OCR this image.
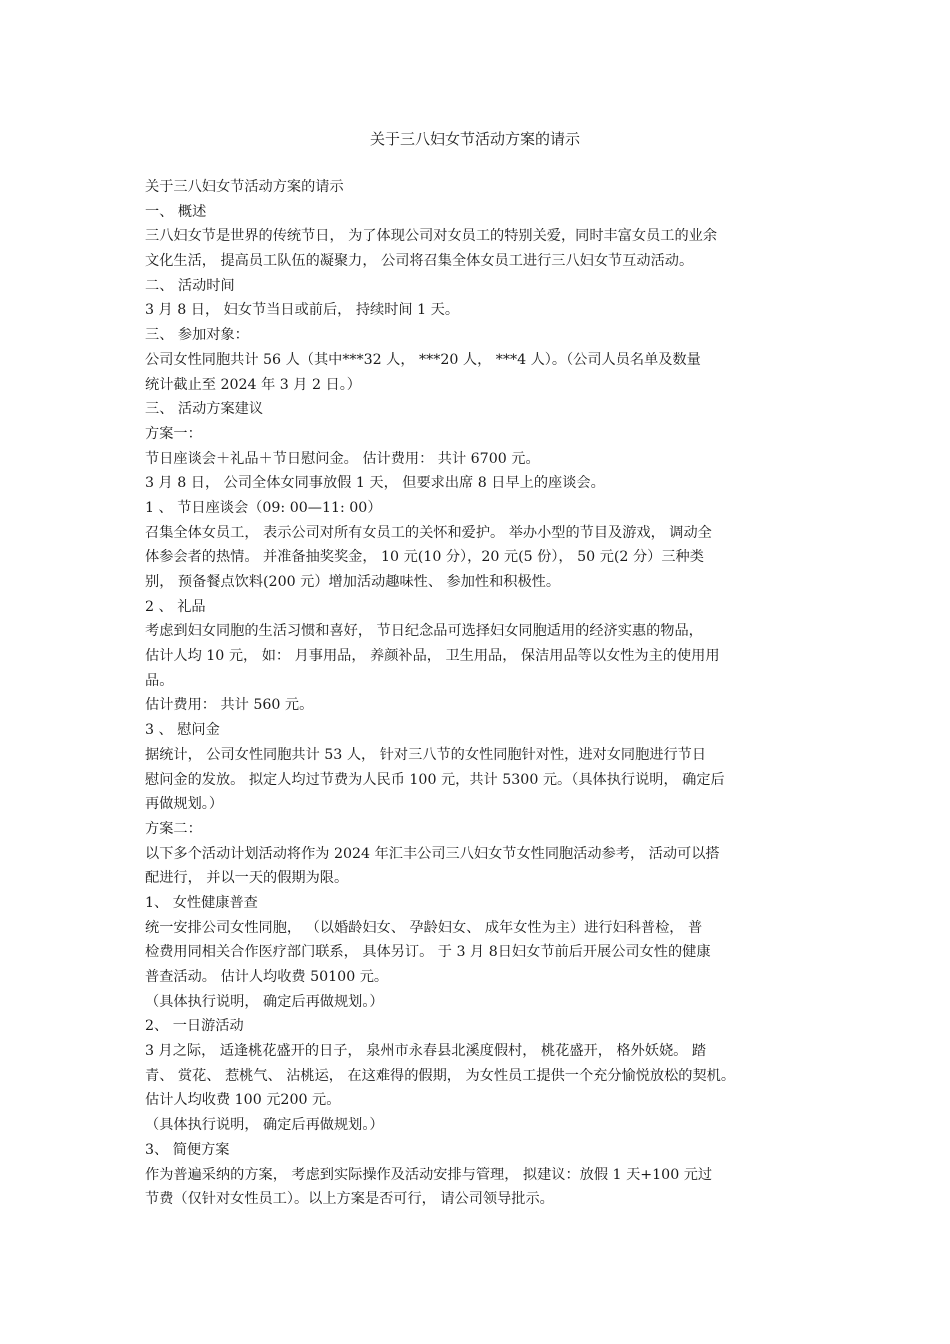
关于三八妇女节活动方案的请示
关于三八妇女节活动方案的请示
一、 概述
三八妇女节是世界的传统节日， 为了体现公司对女员工的特别关爱，同时丰富女员工的业余
文化生活， 提高员工队伍的凝聚力， 公司将召集全体女员工进行三八妇女节互动活动。
二、 活动时间
3 月 8 日， 妇女节当日或前后， 持续时间 1 天。
三、 参加对象：
公司女性同胞共计 56 人（其中***32 人， ***20 人， ***4 人）。（公司人员名单及数量
统计截止至 2024 年 3 月 2 日。）
三、 活动方案建议
方案一：
节日座谈会＋礼品＋节日慰问金。 估计费用： 共计 6700 元。
3 月 8 日， 公司全体女同事放假 1 天， 但要求出席 8 日早上的座谈会。
1 、 节日座谈会（09: 00—11: 00）
召集全体女员工， 表示公司对所有女员工的关怀和爱护。 举办小型的节目及游戏， 调动全
体参会者的热情。 并准备抽奖奖金， 10 元(10 分），20 元(5 份）， 50 元(2 分）三种类
别， 预备餐点饮料(200 元）增加活动趣味性、 参加性和积极性。
2 、 礼品
考虑到妇女同胞的生活习惯和喜好， 节日纪念品可选择妇女同胞适用的经济实惠的物品，
估计人均 10 元， 如： 月事用品， 养颜补品， 卫生用品， 保洁用品等以女性为主的使用用
品。
估计费用： 共计 560 元。
3 、 慰问金
据统计， 公司女性同胞共计 53 人， 针对三八节的女性同胞针对性，进对女同胞进行节日
慰问金的发放。 拟定人均过节费为人民币 100 元，共计 5300 元。（具体执行说明， 确定后
再做规划。）
方案二：
以下多个活动计划活动将作为 2024 年汇丰公司三八妇女节女性同胞活动参考， 活动可以搭
配进行， 并以一天的假期为限。
1、 女性健康普查
统一安排公司女性同胞， （以婚龄妇女、 孕龄妇女、 成年女性为主）进行妇科普检， 普
检费用同相关合作医疗部门联系， 具体另订。 于 3 月 8日妇女节前后开展公司女性的健康
普查活动。 估计人均收费 50100 元。
（具体执行说明， 确定后再做规划。）
2、 一日游活动
3 月之际， 适逢桃花盛开的日子， 泉州市永春县北溪度假村， 桃花盛开， 格外妖娆。 踏
青、 赏花、 惹桃气、 沾桃运， 在这难得的假期， 为女性员工提供一个充分愉悦放松的契机。
估计人均收费 100 元200 元。
（具体执行说明， 确定后再做规划。）
3、 简便方案
作为普遍采纳的方案， 考虑到实际操作及活动安排与管理， 拟建议：放假 1 天+100 元过
节费（仅针对女性员工）。以上方案是否可行， 请公司领导批示。
